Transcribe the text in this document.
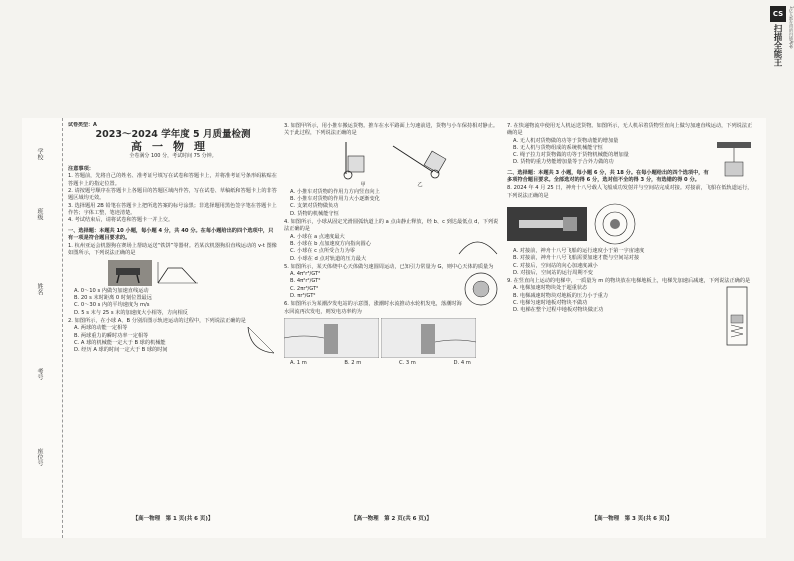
学校
班级
姓名
考号
座位号
试卷类型：A
2023～2024 学年度 5 月质量检测
高一物理
全卷满分 100 分，考试时间 75 分钟。
注意事项：
1. 答题前，先将自己的姓名、准考证号填写在试卷和答题卡上，并将准考证号条形码粘贴在答题卡上的指定位置。
2. 请按题号顺序在答题卡上各题目的答题区域内作答，写在试卷、草稿纸和答题卡上的非答题区域均无效。
3. 选择题用 2B 铅笔在答题卡上把所选答案的标号涂黑；非选择题用黑色签字笔在答题卡上作答；字体工整，笔迹清楚。
4. 考试结束后，请将试卷和答题卡一并上交。
一、选择题：本题共 10 小题，每小题 4 分，共 40 分。在每小题给出的四个选项中，只有一项是符合题目要求的。
1. 杭州亚运会机器狗在赛场上帮助运送“铁饼”等器材。若某次机器狗沿直线运动的 v-t 图像如图所示，下列说法正确的是

A. 0～10 s 内做匀加速直线运动
B. 20 s 末时距离 0 时刻位置最远
C. 0～30 s 内的平均速度为 m/s
D. 5 s 末与 25 s 末的加速度大小相等，方向相反
2. 如图所示，在小球 A、B 分别沿图示轨迹运动的过程中，下列说法正确的是
A. 两球的动能一定相等
B. 两球重力的瞬时功率一定相等
C. A 球的机械能一定大于 B 球的机械能
D. 经历 A 球的时间一定大于 B 球的时间
【高一物理　第 1 页(共 6 页)】
3. 如图甲所示，用小推车搬运货物。推车在水平路面上匀速前进，货物与小车保持相对静止。关于此过程，下列说法正确的是

甲	乙
A. 小推车对货物的作用力方向竖直向上
B. 小推车对货物的作用力大小逐渐变化
C. 支架对货物做负功
D. 货物的机械能守恒
4. 如图所示，小球从固定光滑圆弧轨道上的 a 点由静止释放，经 b、c 到达最低点 d，下列说法正确的是
A. 小球在 a 点速度最大
B. 小球在 b 点加速度方向指向圆心
C. 小球在 c 点所受合力为零
D. 小球在 d 点对轨道的压力最大
5. 如图所示，某天体绕中心天体做匀速圆周运动，已知引力常量为 G，则中心天体的质量为
A. 4π²r³/GT²
B. 4π²r²/GT²
C. 2πr³/GT²
D. πr³/GT²
6. 如图所示为某潮汐发电站的示意图，涨潮时水流推动水轮机发电，落潮时海水回流再次发电，则发电功率约为

A. 1 m	B. 2 m	C. 3 m	D. 4 m
【高一物理　第 2 页(共 6 页)】
7. 在快递物流中使用无人机运送货物。如图所示，无人机吊着货物竖直向上做匀加速直线运动，下列说法正确的是
A. 无人机对货物做的功等于货物动能的增加量
B. 无人机与货物组成的系统机械能守恒
C. 绳子拉力对货物做的功等于货物机械能的增加量
D. 货物的重力势能增加量等于合外力做的功
二、选择题：本题共 3 小题，每小题 6 分，共 18 分。在每小题给出的四个选项中，有多项符合题目要求。全部选对的得 6 分，选对但不全的得 3 分，有选错的得 0 分。
8. 2024 年 4 月 25 日，神舟十八号载人飞船成功发射并与空间站完成对接。对接前，飞船在低轨道运行，下列说法正确的是

A. 对接前，神舟十八号飞船的运行速度小于第一宇宙速度
B. 对接前，神舟十八号飞船需要加速才能与空间站对接
C. 对接后，空间站的向心加速度减小
D. 对接后，空间站的运行周期不变
9. 在竖直向上运动的电梯中，一质量为 m 的物块放在电梯地板上，电梯先加速后减速，下列说法正确的是
A. 电梯加速时物块处于超重状态
B. 电梯减速时物块对地板的压力小于重力
C. 电梯匀速时地板对物块不做功
D. 电梯在整个过程中地板对物块做正功
【高一物理　第 3 页(共 6 页)】
CS
扫描全能王 3亿人都在用的扫描App
